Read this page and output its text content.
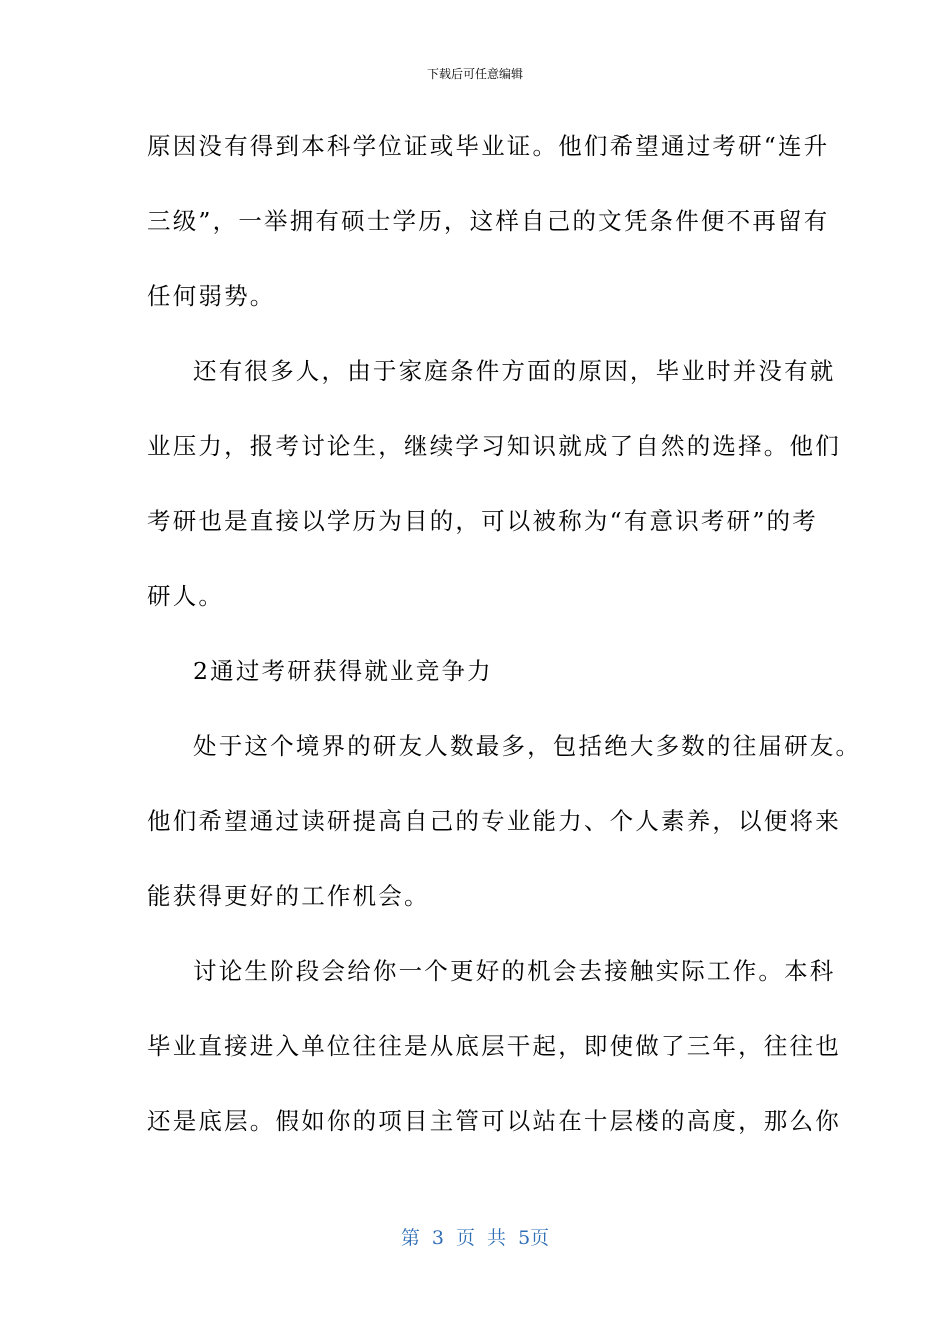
下载后可任意编辑
原因没有得到本科学位证或毕业证。他们希望通过考研“连升
三级”，一举拥有硕士学历，这样自己的文凭条件便不再留有
任何弱势。
还有很多人，由于家庭条件方面的原因，毕业时并没有就
业压力，报考讨论生，继续学习知识就成了自然的选择。他们
考研也是直接以学历为目的，可以被称为“有意识考研”的考
研人。
2通过考研获得就业竞争力
处于这个境界的研友人数最多，包括绝大多数的往届研友。
他们希望通过读研提高自己的专业能力、个人素养，以便将来
能获得更好的工作机会。
讨论生阶段会给你一个更好的机会去接触实际工作。本科
毕业直接进入单位往往是从底层干起，即使做了三年，往往也
还是底层。假如你的项目主管可以站在十层楼的高度，那么你
第 3 页 共 5页
